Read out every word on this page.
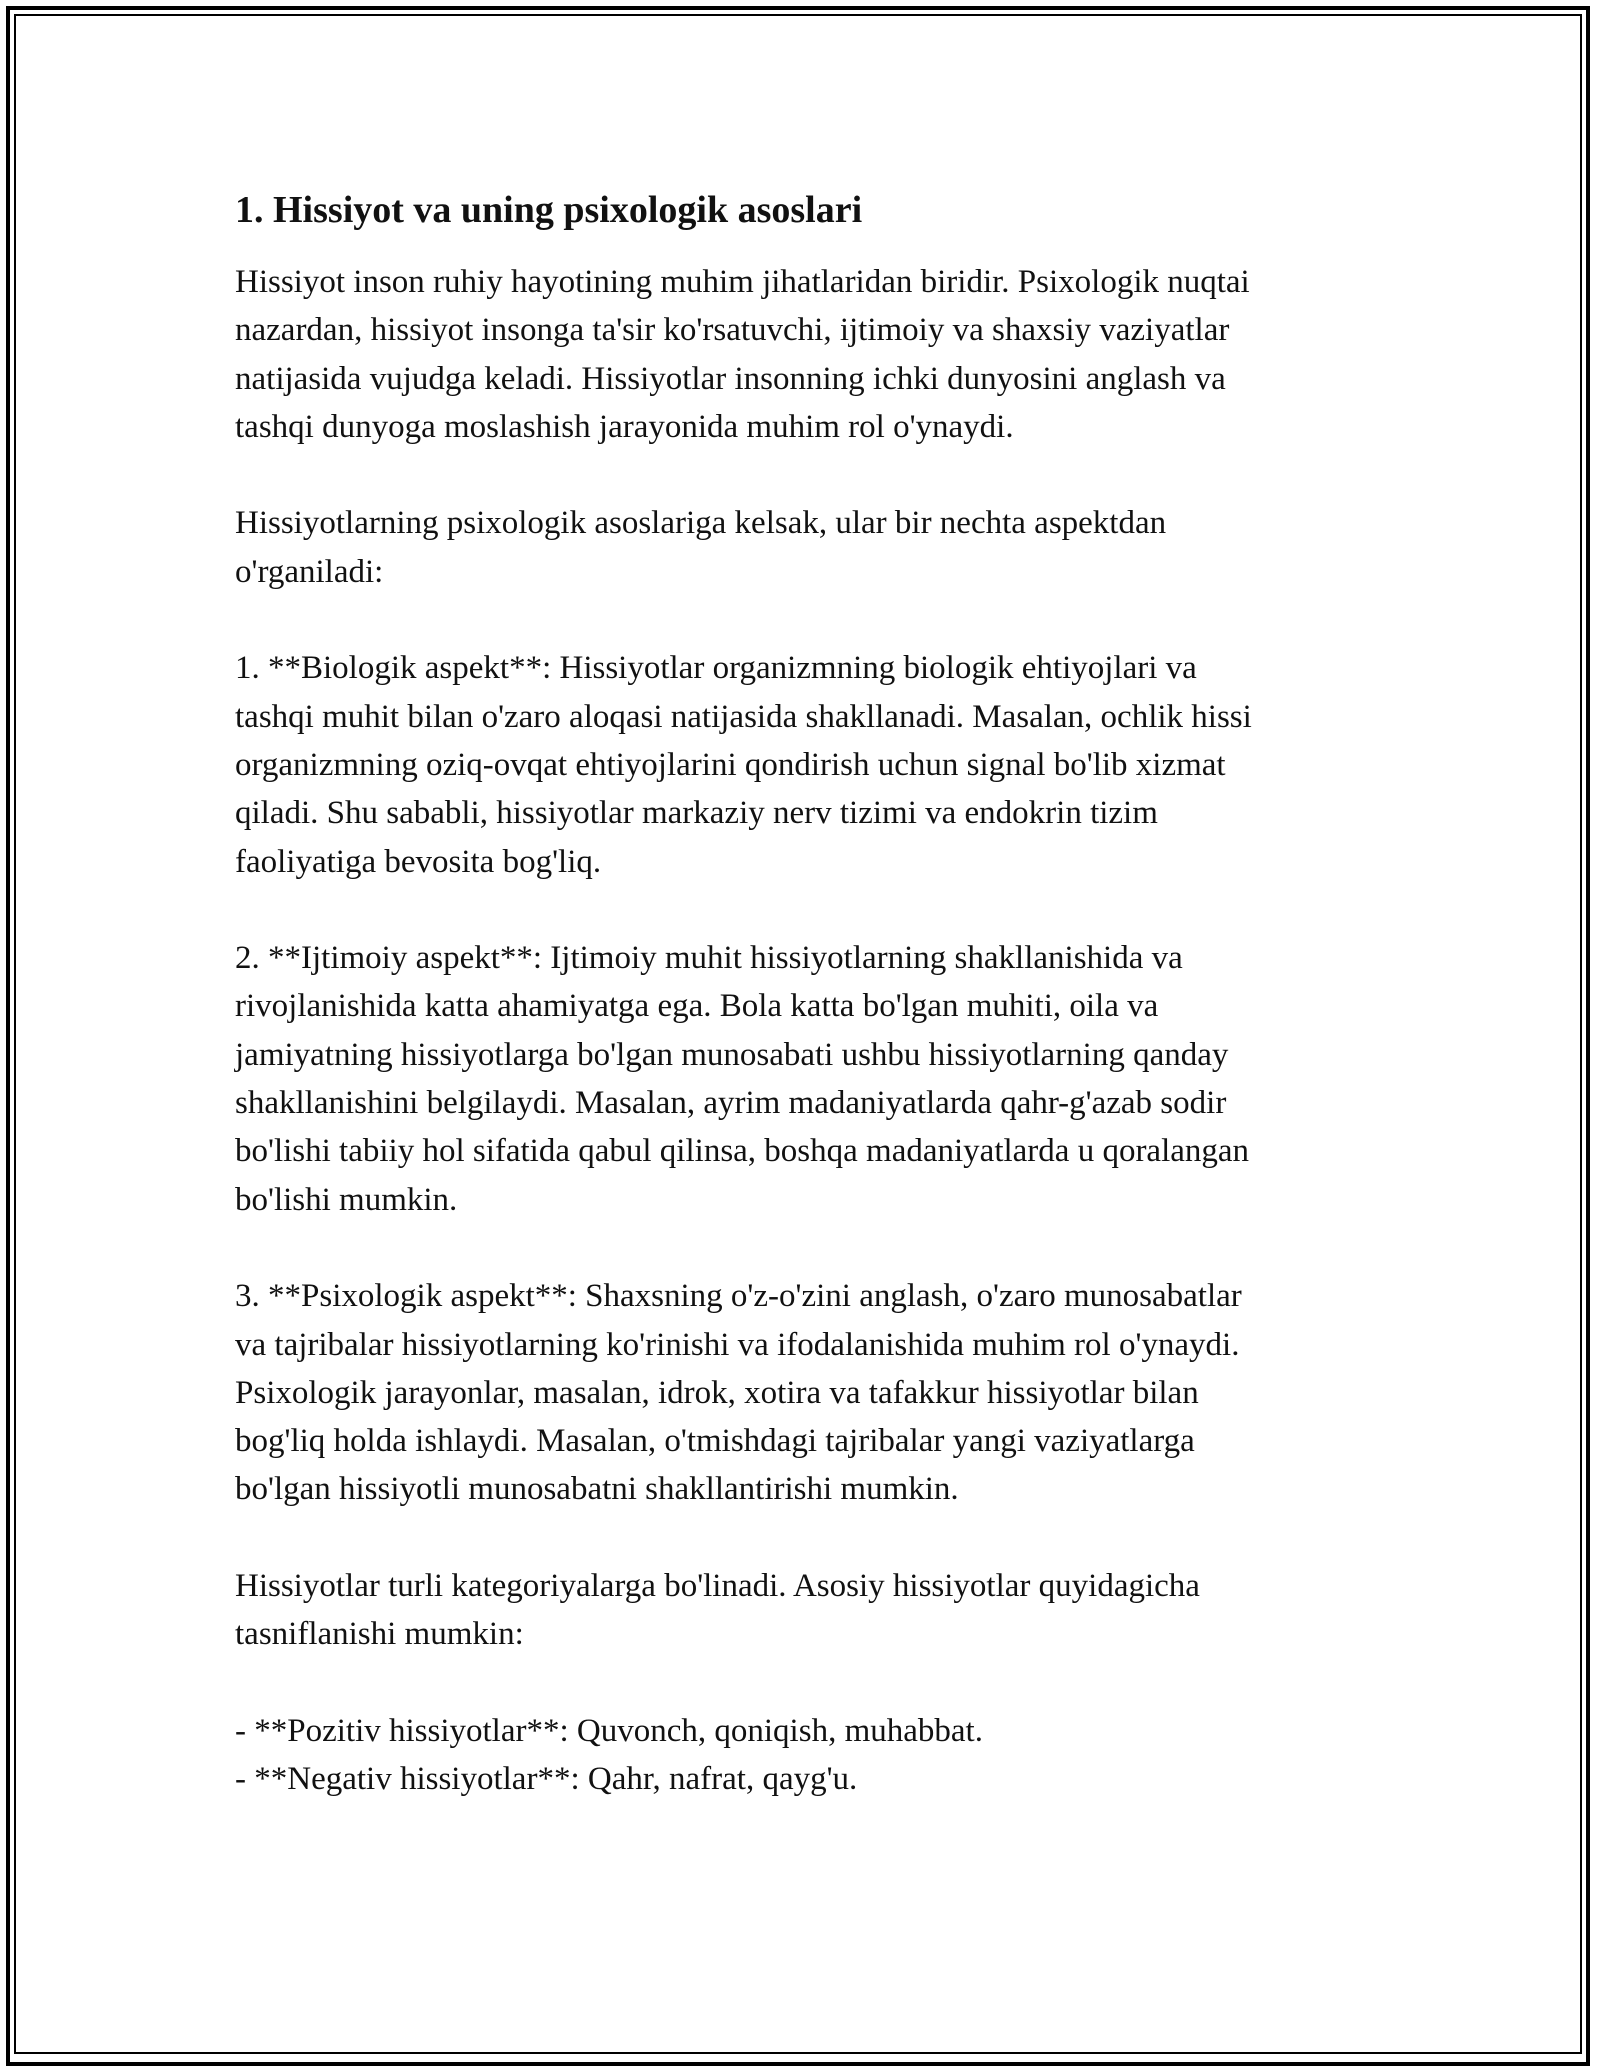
1. Hissiyot va uning psixologik asoslari

Hissiyot inson ruhiy hayotining muhim jihatlaridan biridir. Psixologik nuqtai
nazardan, hissiyot insonga ta'sir ko'rsatuvchi, ijtimoiy va shaxsiy vaziyatlar
natijasida vujudga keladi. Hissiyotlar insonning ichki dunyosini anglash va
tashqi dunyoga moslashish jarayonida muhim rol o'ynaydi.

Hissiyotlarning psixologik asoslariga kelsak, ular bir nechta aspektdan
o'rganiladi:

1. **Biologik aspekt**: Hissiyotlar organizmning biologik ehtiyojlari va
tashqi muhit bilan o'zaro aloqasi natijasida shakllanadi. Masalan, ochlik hissi
organizmning oziq-ovqat ehtiyojlarini qondirish uchun signal bo'lib xizmat
qiladi. Shu sababli, hissiyotlar markaziy nerv tizimi va endokrin tizim
faoliyatiga bevosita bog'liq.

2. **Ijtimoiy aspekt**: Ijtimoiy muhit hissiyotlarning shakllanishida va
rivojlanishida katta ahamiyatga ega. Bola katta bo'lgan muhiti, oila va
jamiyatning hissiyotlarga bo'lgan munosabati ushbu hissiyotlarning qanday
shakllanishini belgilaydi. Masalan, ayrim madaniyatlarda qahr-g'azab sodir
bo'lishi tabiiy hol sifatida qabul qilinsa, boshqa madaniyatlarda u qoralangan
bo'lishi mumkin.

3. **Psixologik aspekt**: Shaxsning o'z-o'zini anglash, o'zaro munosabatlar
va tajribalar hissiyotlarning ko'rinishi va ifodalanishida muhim rol o'ynaydi.
Psixologik jarayonlar, masalan, idrok, xotira va tafakkur hissiyotlar bilan
bog'liq holda ishlaydi. Masalan, o'tmishdagi tajribalar yangi vaziyatlarga
bo'lgan hissiyotli munosabatni shakllantirishi mumkin.

Hissiyotlar turli kategoriyalarga bo'linadi. Asosiy hissiyotlar quyidagicha
tasniflanishi mumkin:

- **Pozitiv hissiyotlar**: Quvonch, qoniqish, muhabbat.
- **Negativ hissiyotlar**: Qahr, nafrat, qayg'u.
